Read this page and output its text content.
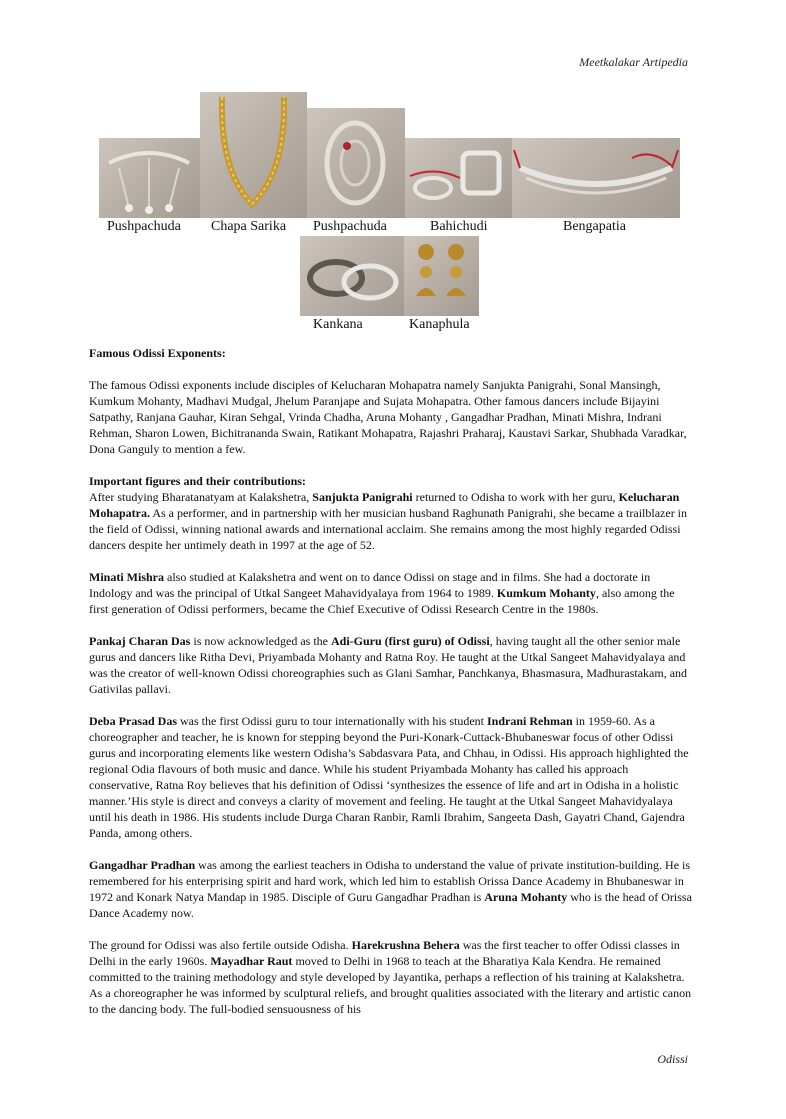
Meetkalakar Artipedia
Pushpachuda Chapa Sarika Pushpachuda	Bahichudi	Bengapatia
Kankana	Kanaphula
Famous Odissi Exponents:

The famous Odissi exponents include disciples of Kelucharan Mohapatra namely Sanjukta Panigrahi, Sonal Mansingh, Kumkum Mohanty, Madhavi Mudgal, Jhelum Paranjape and Sujata Mohapatra. Other famous dancers include Bijayini Satpathy, Ranjana Gauhar, Kiran Sehgal, Vrinda Chadha, Aruna Mohanty , Gangadhar Pradhan, Minati Mishra, Indrani Rehman, Sharon Lowen, Bichitrananda Swain, Ratikant Mohapatra, Rajashri Praharaj, Kaustavi Sarkar, Shubhada Varadkar, Dona Ganguly to mention a few.

Important figures and their contributions:
After studying Bharatanatyam at Kalakshetra, Sanjukta Panigrahi returned to Odisha to work with her guru, Kelucharan Mohapatra. As a performer, and in partnership with her musician husband Raghunath Panigrahi, she became a trailblazer in the field of Odissi, winning national awards and international acclaim. She remains among the most highly regarded Odissi dancers despite her untimely death in 1997 at the age of 52.

Minati Mishra also studied at Kalakshetra and went on to dance Odissi on stage and in films. She had a doctorate in Indology and was the principal of Utkal Sangeet Mahavidyalaya from 1964 to 1989. Kumkum Mohanty, also among the first generation of Odissi performers, became the Chief Executive of Odissi Research Centre in the 1980s.

Pankaj Charan Das is now acknowledged as the Adi-Guru (first guru) of Odissi, having taught all the other senior male gurus and dancers like Ritha Devi, Priyambada Mohanty and Ratna Roy. He taught at the Utkal Sangeet Mahavidyalaya and was the creator of well-known Odissi choreographies such as Glani Samhar, Panchkanya, Bhasmasura, Madhurastakam, and Gativilas pallavi.

Deba Prasad Das was the first Odissi guru to tour internationally with his student Indrani Rehman in 1959-60. As a choreographer and teacher, he is known for stepping beyond the Puri-Konark-Cuttack-Bhubaneswar focus of other Odissi gurus and incorporating elements like western Odisha’s Sabdasvara Pata, and Chhau, in Odissi. His approach highlighted the regional Odia flavours of both music and dance. While his student Priyambada Mohanty has called his approach conservative, Ratna Roy believes that his definition of Odissi ‘synthesizes the essence of life and art in Odisha in a holistic manner.’His style is direct and conveys a clarity of movement and feeling. He taught at the Utkal Sangeet Mahavidyalaya until his death in 1986. His students include Durga Charan Ranbir, Ramli Ibrahim, Sangeeta Dash, Gayatri Chand, Gajendra Panda, among others.

Gangadhar Pradhan was among the earliest teachers in Odisha to understand the value of private institution-building. He is remembered for his enterprising spirit and hard work, which led him to establish Orissa Dance Academy in Bhubaneswar in 1972 and Konark Natya Mandap in 1985. Disciple of Guru Gangadhar Pradhan is Aruna Mohanty who is the head of Orissa Dance Academy now.

The ground for Odissi was also fertile outside Odisha. Harekrushna Behera was the first teacher to offer Odissi classes in Delhi in the early 1960s. Mayadhar Raut moved to Delhi in 1968 to teach at the Bharatiya Kala Kendra. He remained committed to the training methodology and style developed by Jayantika, perhaps a reflection of his training at Kalakshetra. As a choreographer he was informed by sculptural reliefs, and brought qualities associated with the literary and artistic canon to the dancing body. The full-bodied sensuousness of his

Odissi
